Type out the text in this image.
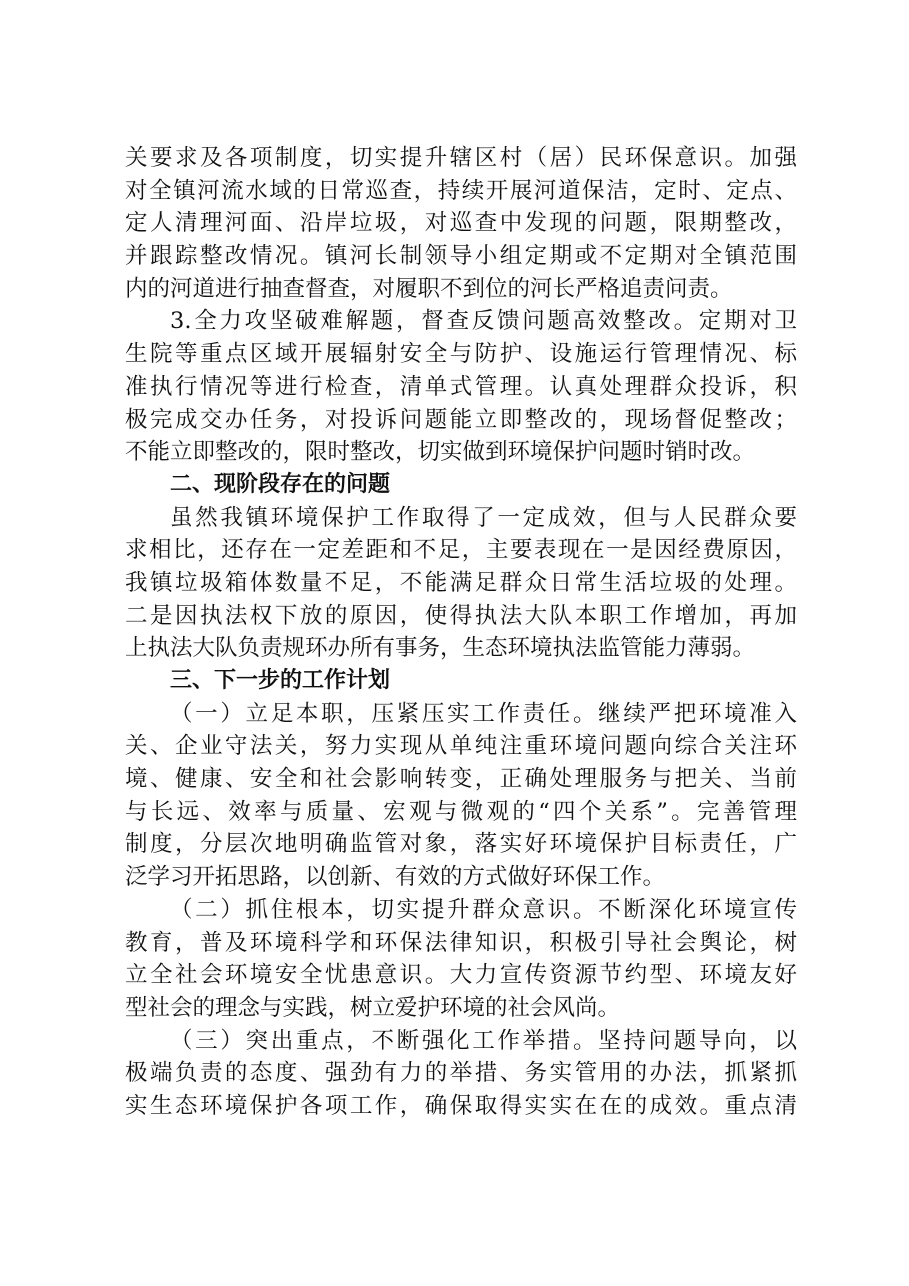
关要求及各项制度，切实提升辖区村（居）民环保意识。加强
对全镇河流水域的日常巡查，持续开展河道保洁，定时、定点、
定人清理河面、沿岸垃圾，对巡查中发现的问题，限期整改，
并跟踪整改情况。镇河长制领导小组定期或不定期对全镇范围
内的河道进行抽查督查，对履职不到位的河长严格追责问责。
3.全力攻坚破难解题，督查反馈问题高效整改。定期对卫
生院等重点区域开展辐射安全与防护、设施运行管理情况、标
准执行情况等进行检查，清单式管理。认真处理群众投诉，积
极完成交办任务，对投诉问题能立即整改的，现场督促整改；
不能立即整改的，限时整改，切实做到环境保护问题时销时改。
二、现阶段存在的问题
虽然我镇环境保护工作取得了一定成效，但与人民群众要
求相比，还存在一定差距和不足，主要表现在一是因经费原因，
我镇垃圾箱体数量不足，不能满足群众日常生活垃圾的处理。
二是因执法权下放的原因，使得执法大队本职工作增加，再加
上执法大队负责规环办所有事务，生态环境执法监管能力薄弱。
三、下一步的工作计划
（一）立足本职，压紧压实工作责任。继续严把环境准入
关、企业守法关，努力实现从单纯注重环境问题向综合关注环
境、健康、安全和社会影响转变，正确处理服务与把关、当前
与长远、效率与质量、宏观与微观的“四个关系”。完善管理
制度，分层次地明确监管对象，落实好环境保护目标责任，广
泛学习开拓思路，以创新、有效的方式做好环保工作。
（二）抓住根本，切实提升群众意识。不断深化环境宣传
教育，普及环境科学和环保法律知识，积极引导社会舆论，树
立全社会环境安全忧患意识。大力宣传资源节约型、环境友好
型社会的理念与实践，树立爱护环境的社会风尚。
（三）突出重点，不断强化工作举措。坚持问题导向，以
极端负责的态度、强劲有力的举措、务实管用的办法，抓紧抓
实生态环境保护各项工作，确保取得实实在在的成效。重点清
